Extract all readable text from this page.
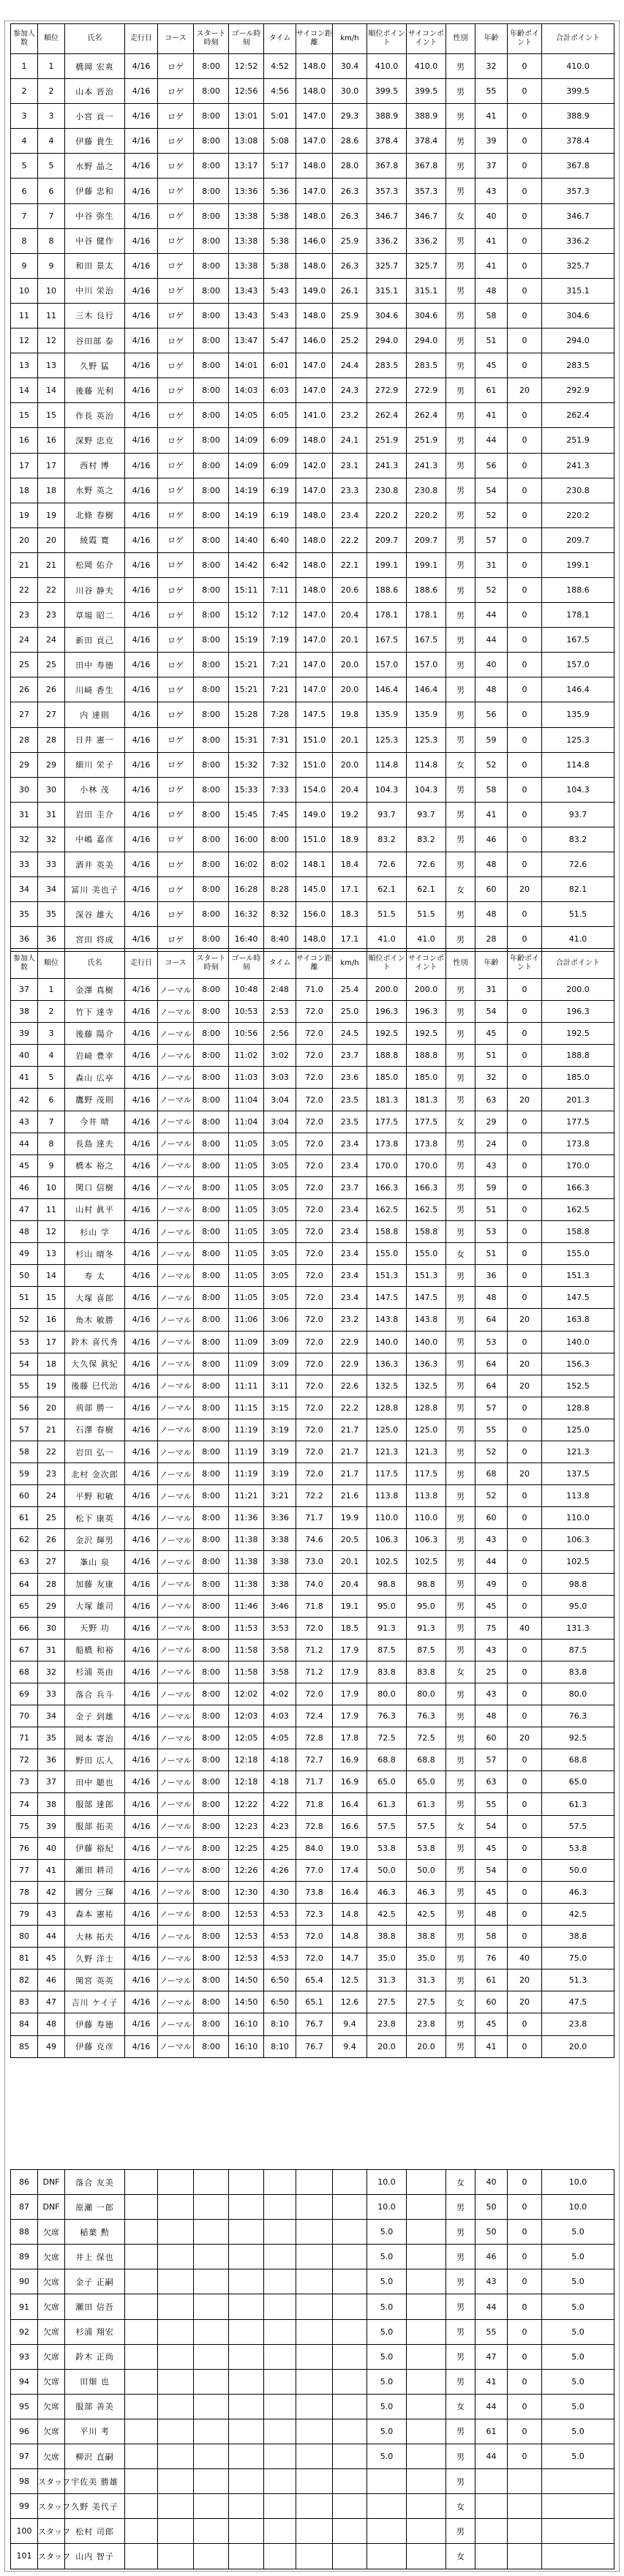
参加人数	順位	氏名	走行日	コース	スタート時刻	ゴール時刻	タイム	サイコン距離	km/h	順位ポイント	サイコンポイント	性別	年齢	年齢ポイント	合計ポイント
1	1	橋岡 宏爽	4/16	ロゲ	8:00	12:52	4:52	148.0	30.4	410.0	410.0	男	32	0	410.0
2	2	山本 晋治	4/16	ロゲ	8:00	12:56	4:56	148.0	30.0	399.5	399.5	男	55	0	399.5
3	3	小宮 貢一	4/16	ロゲ	8:00	13:01	5:01	147.0	29.3	388.9	388.9	男	41	0	388.9
4	4	伊藤 貴生	4/16	ロゲ	8:00	13:08	5:08	147.0	28.6	378.4	378.4	男	39	0	378.4
5	5	水野 晶之	4/16	ロゲ	8:00	13:17	5:17	148.0	28.0	367.8	367.8	男	37	0	367.8
6	6	伊藤 忠和	4/16	ロゲ	8:00	13:36	5:36	147.0	26.3	357.3	357.3	男	43	0	357.3
7	7	中谷 弥生	4/16	ロゲ	8:00	13:38	5:38	148.0	26.3	346.7	346.7	女	40	0	346.7
8	8	中谷 健作	4/16	ロゲ	8:00	13:38	5:38	146.0	25.9	336.2	336.2	男	41	0	336.2
9	9	和田 景太	4/16	ロゲ	8:00	13:38	5:38	148.0	26.3	325.7	325.7	男	41	0	325.7
10	10	中川 栄治	4/16	ロゲ	8:00	13:43	5:43	149.0	26.1	315.1	315.1	男	48	0	315.1
11	11	三木 良行	4/16	ロゲ	8:00	13:43	5:43	148.0	25.9	304.6	304.6	男	58	0	304.6
12	12	谷田部 泰	4/16	ロゲ	8:00	13:47	5:47	146.0	25.2	294.0	294.0	男	51	0	294.0
13	13	久野 猛	4/16	ロゲ	8:00	14:01	6:01	147.0	24.4	283.5	283.5	男	45	0	283.5
14	14	後藤 光利	4/16	ロゲ	8:00	14:03	6:03	147.0	24.3	272.9	272.9	男	61	20	292.9
15	15	作長 英治	4/16	ロゲ	8:00	14:05	6:05	141.0	23.2	262.4	262.4	男	41	0	262.4
16	16	深野 忠克	4/16	ロゲ	8:00	14:09	6:09	148.0	24.1	251.9	251.9	男	44	0	251.9
17	17	西村 博	4/16	ロゲ	8:00	14:09	6:09	142.0	23.1	241.3	241.3	男	56	0	241.3
18	18	水野 英之	4/16	ロゲ	8:00	14:19	6:19	147.0	23.3	230.8	230.8	男	54	0	230.8
19	19	北條 春樹	4/16	ロゲ	8:00	14:19	6:19	148.0	23.4	220.2	220.2	男	52	0	220.2
20	20	綾霞 寛	4/16	ロゲ	8:00	14:40	6:40	148.0	22.2	209.7	209.7	男	57	0	209.7
21	21	松岡 佑介	4/16	ロゲ	8:00	14:42	6:42	148.0	22.1	199.1	199.1	男	31	0	199.1
22	22	川谷 静夫	4/16	ロゲ	8:00	15:11	7:11	148.0	20.6	188.6	188.6	男	52	0	188.6
23	23	草場 昭二	4/16	ロゲ	8:00	15:12	7:12	147.0	20.4	178.1	178.1	男	44	0	178.1
24	24	新田 貢己	4/16	ロゲ	8:00	15:19	7:19	147.0	20.1	167.5	167.5	男	44	0	167.5
25	25	田中 寿徳	4/16	ロゲ	8:00	15:21	7:21	147.0	20.0	157.0	157.0	男	40	0	157.0
26	26	川﨑 香生	4/16	ロゲ	8:00	15:21	7:21	147.0	20.0	146.4	146.4	男	48	0	146.4
27	27	内 達則	4/16	ロゲ	8:00	15:28	7:28	147.5	19.8	135.9	135.9	男	56	0	135.9
28	28	日井 憲一	4/16	ロゲ	8:00	15:31	7:31	151.0	20.1	125.3	125.3	男	59	0	125.3
29	29	細川 栄子	4/16	ロゲ	8:00	15:32	7:32	151.0	20.0	114.8	114.8	女	52	0	114.8
30	30	小林 茂	4/16	ロゲ	8:00	15:33	7:33	154.0	20.4	104.3	104.3	男	58	0	104.3
31	31	岩田 圭介	4/16	ロゲ	8:00	15:45	7:45	149.0	19.2	93.7	93.7	男	41	0	93.7
32	32	中嶋 嘉彦	4/16	ロゲ	8:00	16:00	8:00	151.0	18.9	83.2	83.2	男	46	0	83.2
33	33	酒井 英美	4/16	ロゲ	8:00	16:02	8:02	148.1	18.4	72.6	72.6	男	48	0	72.6
34	34	冨川 美也子	4/16	ロゲ	8:00	16:28	8:28	145.0	17.1	62.1	62.1	女	60	20	82.1
35	35	深谷 雄大	4/16	ロゲ	8:00	16:32	8:32	156.0	18.3	51.5	51.5	男	48	0	51.5
36	36	宮田 将成	4/16	ロゲ	8:00	16:40	8:40	148.0	17.1	41.0	41.0	男	28	0	41.0
参加人数	順位	氏名	走行日	コース	スタート時刻	ゴール時刻	タイム	サイコン距離	km/h	順位ポイント	サイコンポイント	性別	年齢	年齢ポイント	合計ポイント
37	1	金澤 真樹	4/16	ノーマル	8:00	10:48	2:48	71.0	25.4	200.0	200.0	男	31	0	200.0
38	2	竹下 達寺	4/16	ノーマル	8:00	10:53	2:53	72.0	25.0	196.3	196.3	男	54	0	196.3
39	3	後藤 陽介	4/16	ノーマル	8:00	10:56	2:56	72.0	24.5	192.5	192.5	男	45	0	192.5
40	4	岩﨑 豊幸	4/16	ノーマル	8:00	11:02	3:02	72.0	23.7	188.8	188.8	男	51	0	188.8
41	5	森山 広亭	4/16	ノーマル	8:00	11:03	3:03	72.0	23.6	185.0	185.0	男	32	0	185.0
42	6	鷹野 茂則	4/16	ノーマル	8:00	11:04	3:04	72.0	23.5	181.3	181.3	男	63	20	201.3
43	7	今井 晴	4/16	ノーマル	8:00	11:04	3:04	72.0	23.5	177.5	177.5	女	29	0	177.5
44	8	長島 達夫	4/16	ノーマル	8:00	11:05	3:05	72.0	23.4	173.8	173.8	男	24	0	173.8
45	9	橋本 裕之	4/16	ノーマル	8:00	11:05	3:05	72.0	23.4	170.0	170.0	男	43	0	170.0
46	10	関口 信樹	4/16	ノーマル	8:00	11:05	3:05	72.0	23.7	166.3	166.3	男	59	0	166.3
47	11	山村 眞平	4/16	ノーマル	8:00	11:05	3:05	72.0	23.4	162.5	162.5	男	51	0	162.5
48	12	杉山 学	4/16	ノーマル	8:00	11:05	3:05	72.0	23.4	158.8	158.8	男	53	0	158.8
49	13	杉山 晴冬	4/16	ノーマル	8:00	11:05	3:05	72.0	23.4	155.0	155.0	女	51	0	155.0
50	14	寿 太	4/16	ノーマル	8:00	11:05	3:05	72.0	23.4	151.3	151.3	男	36	0	151.3
51	15	大塚 喜郎	4/16	ノーマル	8:00	11:05	3:05	72.0	23.4	147.5	147.5	男	48	0	147.5
52	16	角木 敏勝	4/16	ノーマル	8:00	11:06	3:06	72.0	23.2	143.8	143.8	男	64	20	163.8
53	17	鈴木 喜代秀	4/16	ノーマル	8:00	11:09	3:09	72.0	22.9	140.0	140.0	男	53	0	140.0
54	18	大久保 眞紀	4/16	ノーマル	8:00	11:09	3:09	72.0	22.9	136.3	136.3	男	64	20	156.3
55	19	後藤 巳代治	4/16	ノーマル	8:00	11:11	3:11	72.0	22.6	132.5	132.5	男	64	20	152.5
56	20	荊部 勝一	4/16	ノーマル	8:00	11:15	3:15	72.0	22.2	128.8	128.8	男	57	0	128.8
57	21	石澤 春樹	4/16	ノーマル	8:00	11:19	3:19	72.0	21.7	125.0	125.0	男	55	0	125.0
58	22	岩田 弘一	4/16	ノーマル	8:00	11:19	3:19	72.0	21.7	121.3	121.3	男	52	0	121.3
59	23	北村 金次郎	4/16	ノーマル	8:00	11:19	3:19	72.0	21.7	117.5	117.5	男	68	20	137.5
60	24	平野 和敏	4/16	ノーマル	8:00	11:21	3:21	72.2	21.6	113.8	113.8	男	52	0	113.8
61	25	松下 康英	4/16	ノーマル	8:00	11:36	3:36	71.7	19.9	110.0	110.0	男	60	0	110.0
62	26	金沢 輝男	4/16	ノーマル	8:00	11:38	3:38	74.6	20.5	106.3	106.3	男	43	0	106.3
63	27	峯山 泉	4/16	ノーマル	8:00	11:38	3:38	73.0	20.1	102.5	102.5	男	44	0	102.5
64	28	加藤 友康	4/16	ノーマル	8:00	11:38	3:38	74.0	20.4	98.8	98.8	男	49	0	98.8
65	29	大塚 雄司	4/16	ノーマル	8:00	11:46	3:46	71.8	19.1	95.0	95.0	男	45	0	95.0
66	30	天野 功	4/16	ノーマル	8:00	11:53	3:53	72.0	18.5	91.3	91.3	男	75	40	131.3
67	31	船橋 和裕	4/16	ノーマル	8:00	11:58	3:58	71.2	17.9	87.5	87.5	男	43	0	87.5
68	32	杉浦 英由	4/16	ノーマル	8:00	11:58	3:58	71.2	17.9	83.8	83.8	女	25	0	83.8
69	33	落合 兵斗	4/16	ノーマル	8:00	12:02	4:02	72.0	17.9	80.0	80.0	男	43	0	80.0
70	34	金子 到雄	4/16	ノーマル	8:00	12:03	4:03	72.4	17.9	76.3	76.3	男	48	0	76.3
71	35	岡本 寄治	4/16	ノーマル	8:00	12:05	4:05	72.8	17.8	72.5	72.5	男	60	20	92.5
72	36	野田 広人	4/16	ノーマル	8:00	12:18	4:18	72.7	16.9	68.8	68.8	男	57	0	68.8
73	37	田中 聴也	4/16	ノーマル	8:00	12:18	4:18	71.7	16.9	65.0	65.0	男	63	0	65.0
74	38	服部 達郎	4/16	ノーマル	8:00	12:22	4:22	71.8	16.4	61.3	61.3	男	55	0	61.3
75	39	服部 拓美	4/16	ノーマル	8:00	12:23	4:23	72.8	16.6	57.5	57.5	女	54	0	57.5
76	40	伊藤 裕紀	4/16	ノーマル	8:00	12:25	4:25	84.0	19.0	53.8	53.8	男	45	0	53.8
77	41	瀬田 耕司	4/16	ノーマル	8:00	12:26	4:26	77.0	17.4	50.0	50.0	男	54	0	50.0
78	42	國分 三輝	4/16	ノーマル	8:00	12:30	4:30	73.8	16.4	46.3	46.3	男	45	0	46.3
79	43	森本 憲祐	4/16	ノーマル	8:00	12:53	4:53	72.3	14.8	42.5	42.5	男	48	0	42.5
80	44	大林 拓夫	4/16	ノーマル	8:00	12:53	4:53	72.0	14.8	38.8	38.8	男	58	0	38.8
81	45	久野 洋士	4/16	ノーマル	8:00	12:53	4:53	72.0	14.7	35.0	35.0	男	76	40	75.0
82	46	関宮 英英	4/16	ノーマル	8:00	14:50	6:50	65.4	12.5	31.3	31.3	男	61	20	51.3
83	47	吉川 ケイ子	4/16	ノーマル	8:00	14:50	6:50	65.1	12.6	27.5	27.5	女	60	20	47.5
84	48	伊藤 寿徳	4/16	ノーマル	8:00	16:10	8:10	76.7	9.4	23.8	23.8	男	45	0	23.8
85	49	伊藤 克彦	4/16	ノーマル	8:00	16:10	8:10	76.7	9.4	20.0	20.0	男	41	0	20.0
86	DNF	落合 友美								10.0		女	40	0	10.0
87	DNF	原瀬 一郎								10.0		男	50	0	10.0
88	欠席	稲葉 勲								5.0		男	50	0	5.0
89	欠席	井上 保也								5.0		男	46	0	5.0
90	欠席	金子 正嗣								5.0		男	43	0	5.0
91	欠席	瀬田 信吾								5.0		男	44	0	5.0
92	欠席	杉浦 翔宏								5.0		男	55	0	5.0
93	欠席	鈴木 正尚								5.0		男	47	0	5.0
94	欠席	田畑 也								5.0		男	41	0	5.0
95	欠席	服部 善美								5.0		女	44	0	5.0
96	欠席	平川 考								5.0		男	61	0	5.0
97	欠席	柳沢 直嗣								5.0		男	44	0	5.0
98	スタッフ	宇佐美 勝雄										男			
99	スタッフ	久野 美代子										女			
100	スタッフ	松村 司郎										男			
101	スタッフ	山内 智子										女			
